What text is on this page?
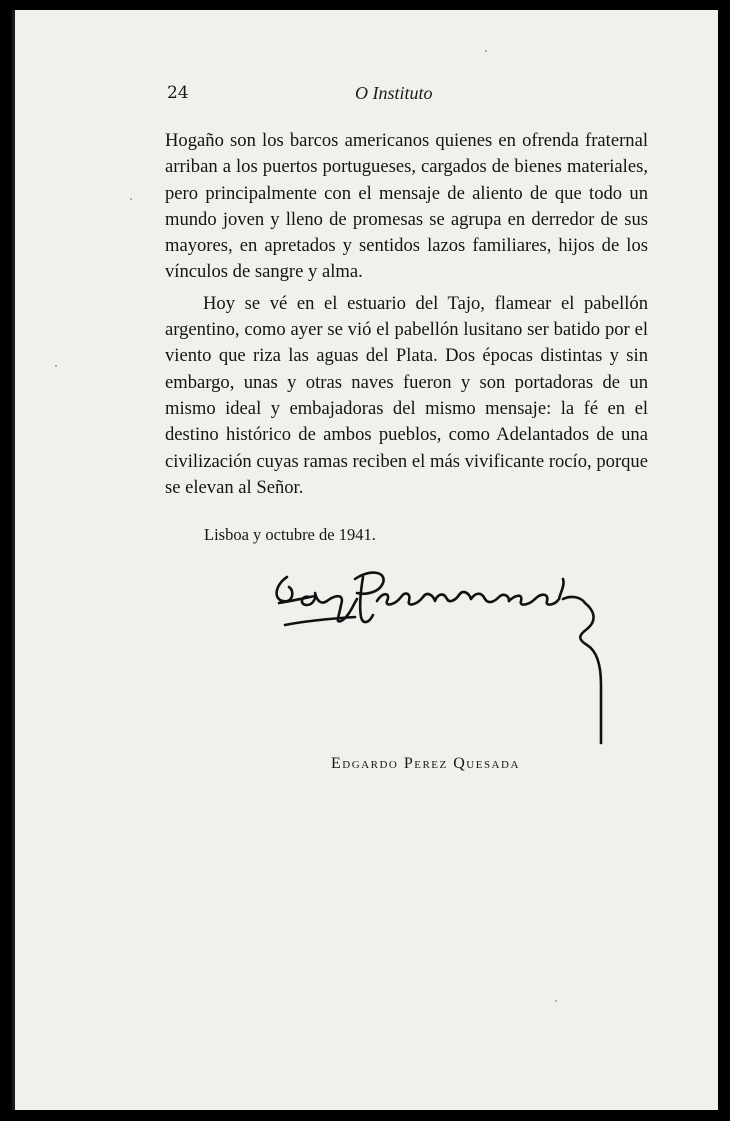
24	O Instituto

Hogaño son los barcos americanos quienes en ofrenda fraternal arriban a los puertos portugueses, cargados de bienes materiales, pero principalmente con el mensaje de aliento de que todo un mundo joven y lleno de promesas se agrupa en derredor de sus mayores, en apretados y sentidos lazos familiares, hijos de los vínculos de sangre y alma.

Hoy se vé en el estuario del Tajo, flamear el pabellón argentino, como ayer se vió el pabellón lusitano ser batido por el viento que riza las aguas del Plata. Dos épocas distintas y sin embargo, unas y otras naves fueron y son portadoras de un mismo ideal y embajadoras del mismo mensaje: la fé en el destino histórico de ambos pueblos, como Adelantados de una civilización cuyas ramas reciben el más vivificante rocío, porque se elevan al Señor.

Lisboa y octubre de 1941.
Edgardo Perez Quesada
